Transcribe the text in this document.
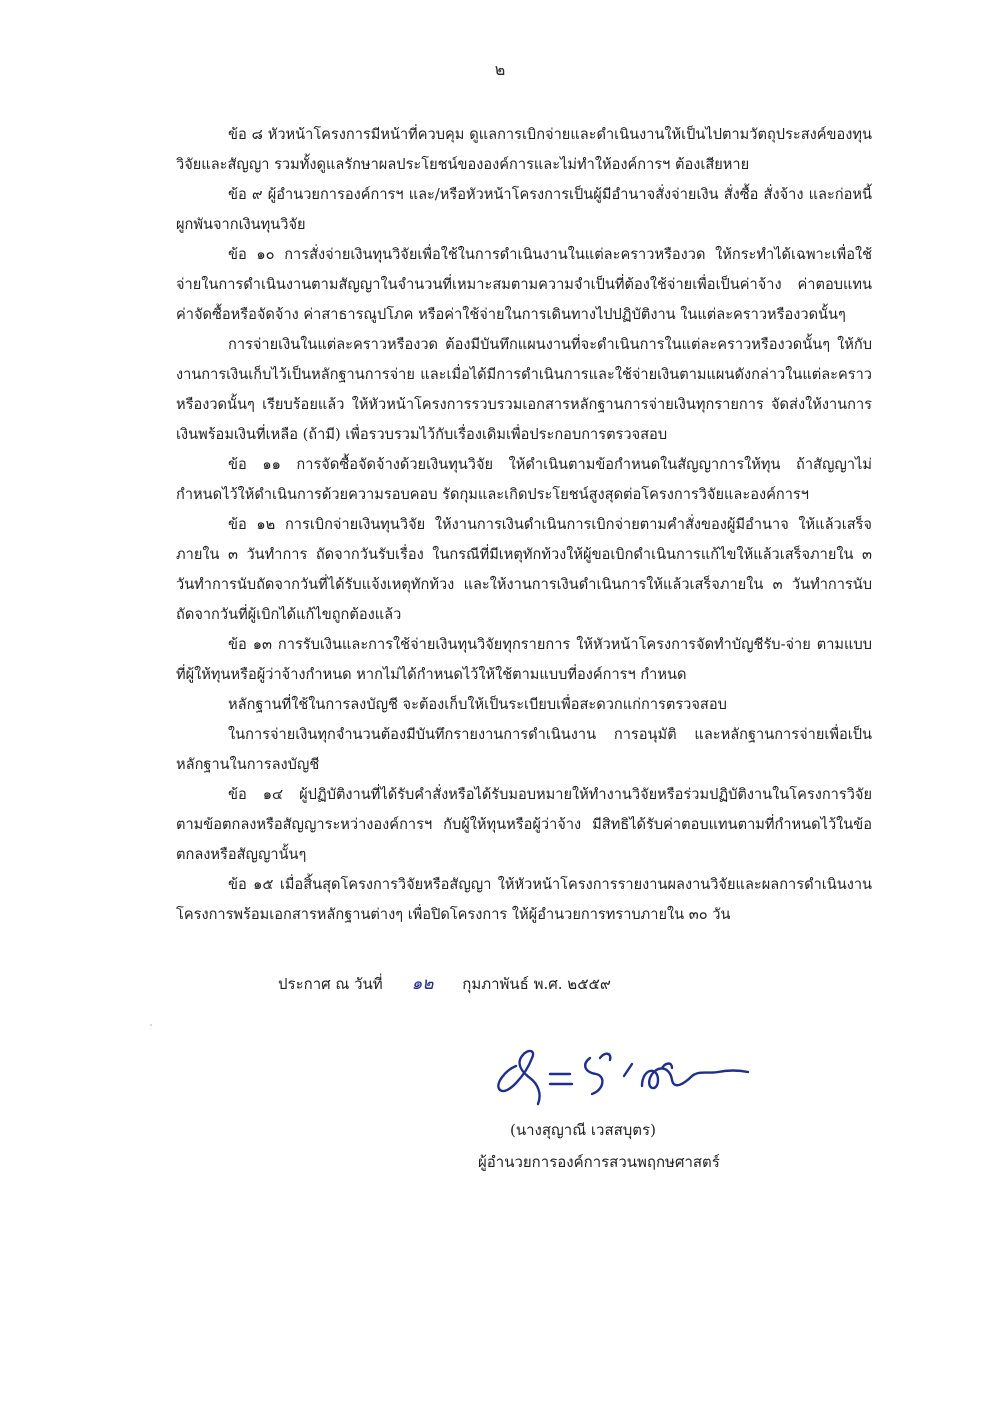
๒

ข้อ ๘ หัวหน้าโครงการมีหน้าที่ควบคุม ดูแลการเบิกจ่ายและดำเนินงานให้เป็นไปตามวัตถุประสงค์ของทุนวิจัยและสัญญา รวมทั้งดูแลรักษาผลประโยชน์ขององค์การและไม่ทำให้องค์การฯ ต้องเสียหาย

ข้อ ๙ ผู้อำนวยการองค์การฯ และ/หรือหัวหน้าโครงการเป็นผู้มีอำนาจสั่งจ่ายเงิน สั่งซื้อ สั่งจ้าง และก่อหนี้ผูกพันจากเงินทุนวิจัย

ข้อ ๑๐ การสั่งจ่ายเงินทุนวิจัยเพื่อใช้ในการดำเนินงานในแต่ละคราวหรืองวด ให้กระทำได้เฉพาะเพื่อใช้จ่ายในการดำเนินงานตามสัญญาในจำนวนที่เหมาะสมตามความจำเป็นที่ต้องใช้จ่ายเพื่อเป็นค่าจ้าง ค่าตอบแทน ค่าจัดซื้อหรือจัดจ้าง ค่าสาธารณูปโภค หรือค่าใช้จ่ายในการเดินทางไปปฏิบัติงาน ในแต่ละคราวหรืองวดนั้นๆ

การจ่ายเงินในแต่ละคราวหรืองวด ต้องมีบันทึกแผนงานที่จะดำเนินการในแต่ละคราวหรืองวดนั้นๆ ให้กับงานการเงินเก็บไว้เป็นหลักฐานการจ่าย และเมื่อได้มีการดำเนินการและใช้จ่ายเงินตามแผนดังกล่าวในแต่ละคราวหรืองวดนั้นๆ เรียบร้อยแล้ว ให้หัวหน้าโครงการรวบรวมเอกสารหลักฐานการจ่ายเงินทุกรายการ จัดส่งให้งานการเงินพร้อมเงินที่เหลือ (ถ้ามี) เพื่อรวบรวมไว้กับเรื่องเดิมเพื่อประกอบการตรวจสอบ

ข้อ ๑๑ การจัดซื้อจัดจ้างด้วยเงินทุนวิจัย ให้ดำเนินตามข้อกำหนดในสัญญาการให้ทุน ถ้าสัญญาไม่กำหนดไว้ให้ดำเนินการด้วยความรอบคอบ รัดกุมและเกิดประโยชน์สูงสุดต่อโครงการวิจัยและองค์การฯ

ข้อ ๑๒ การเบิกจ่ายเงินทุนวิจัย ให้งานการเงินดำเนินการเบิกจ่ายตามคำสั่งของผู้มีอำนาจ ให้แล้วเสร็จภายใน ๓ วันทำการ ถัดจากวันรับเรื่อง ในกรณีที่มีเหตุทักท้วงให้ผู้ขอเบิกดำเนินการแก้ไขให้แล้วเสร็จภายใน ๓ วันทำการนับถัดจากวันที่ได้รับแจ้งเหตุทักท้วง และให้งานการเงินดำเนินการให้แล้วเสร็จภายใน ๓ วันทำการนับถัดจากวันที่ผู้เบิกได้แก้ไขถูกต้องแล้ว

ข้อ ๑๓ การรับเงินและการใช้จ่ายเงินทุนวิจัยทุกรายการ ให้หัวหน้าโครงการจัดทำบัญชีรับ-จ่าย ตามแบบที่ผู้ให้ทุนหรือผู้ว่าจ้างกำหนด หากไม่ได้กำหนดไว้ให้ใช้ตามแบบที่องค์การฯ กำหนด

หลักฐานที่ใช้ในการลงบัญชี จะต้องเก็บให้เป็นระเบียบเพื่อสะดวกแก่การตรวจสอบ

ในการจ่ายเงินทุกจำนวนต้องมีบันทึกรายงานการดำเนินงาน การอนุมัติ และหลักฐานการจ่ายเพื่อเป็นหลักฐานในการลงบัญชี

ข้อ ๑๔ ผู้ปฏิบัติงานที่ได้รับคำสั่งหรือได้รับมอบหมายให้ทำงานวิจัยหรือร่วมปฏิบัติงานในโครงการวิจัยตามข้อตกลงหรือสัญญาระหว่างองค์การฯ กับผู้ให้ทุนหรือผู้ว่าจ้าง มีสิทธิได้รับค่าตอบแทนตามที่กำหนดไว้ในข้อตกลงหรือสัญญานั้นๆ

ข้อ ๑๕ เมื่อสิ้นสุดโครงการวิจัยหรือสัญญา ให้หัวหน้าโครงการรายงานผลงานวิจัยและผลการดำเนินงานโครงการพร้อมเอกสารหลักฐานต่างๆ เพื่อปิดโครงการ ให้ผู้อำนวยการทราบภายใน ๓๐ วัน

ประกาศ ณ วันที่ ๑๒ กุมภาพันธ์ พ.ศ. ๒๕๕๙
(นางสุญาณี เวสสบุตร)
ผู้อำนวยการองค์การสวนพฤกษศาสตร์
